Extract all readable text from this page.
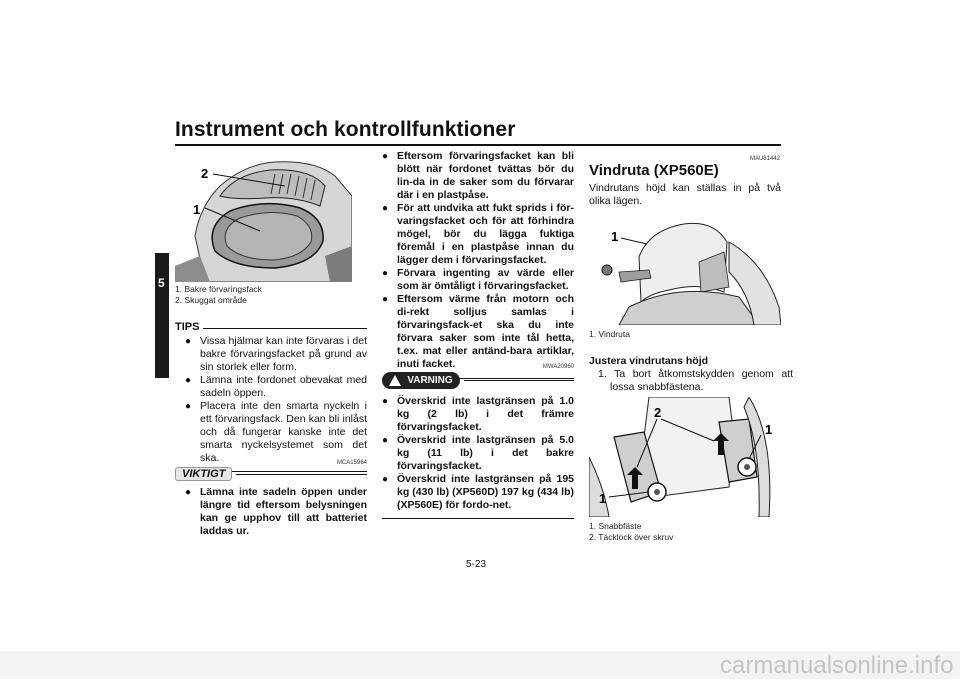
Instrument och kontrollfunktioner
5
2
1
1. Bakre förvaringsfack
2. Skuggat område
TIPS
● Vissa hjälmar kan inte förvaras i det bakre förvaringsfacket på grund av sin storlek eller form.
● Lämna inte fordonet obevakat med sadeln öppen.
● Placera inte den smarta nyckeln i ett förvaringsfack. Den kan bli inlåst och då fungerar kanske inte det smarta nyckelsystemet som det ska.	MCA15964
VIKTIGT
● Lämna inte sadeln öppen under längre tid eftersom belysningen kan ge upphov till att batteriet laddas ur.
● Eftersom förvaringsfacket kan bli blött när fordonet tvättas bör du lin-da in de saker som du förvarar där i en plastpåse.
● För att undvika att fukt sprids i för-varingsfacket och för att förhindra mögel, bör du lägga fuktiga föremål i en plastpåse innan du lägger dem i förvaringsfacket.
● Förvara ingenting av värde eller som är ömtåligt i förvaringsfacket.
● Eftersom värme från motorn och di-rekt solljus samlas i förvaringsfack-et ska du inte förvara saker som inte tål hetta, t.ex. mat eller antänd-bara artiklar, inuti facket.	MWA20960
VARNING
● Överskrid inte lastgränsen på 1.0 kg (2 lb) i det främre förvaringsfacket.
● Överskrid inte lastgränsen på 5.0 kg (11 lb) i det bakre förvaringsfacket.
● Överskrid inte lastgränsen på 195 kg (430 lb) (XP560D) 197 kg (434 lb) (XP560E) för fordo-net.
MAU81442
Vindruta (XP560E)
Vindrutans höjd kan ställas in på två olika lägen.
1
1. Vindruta
Justera vindrutans höjd
1. Ta bort åtkomstskydden genom att lossa snabbfästena.
2
1
1
1. Snabbfäste
2. Täcklock över skruv
5-23
carmanualsonline.info
